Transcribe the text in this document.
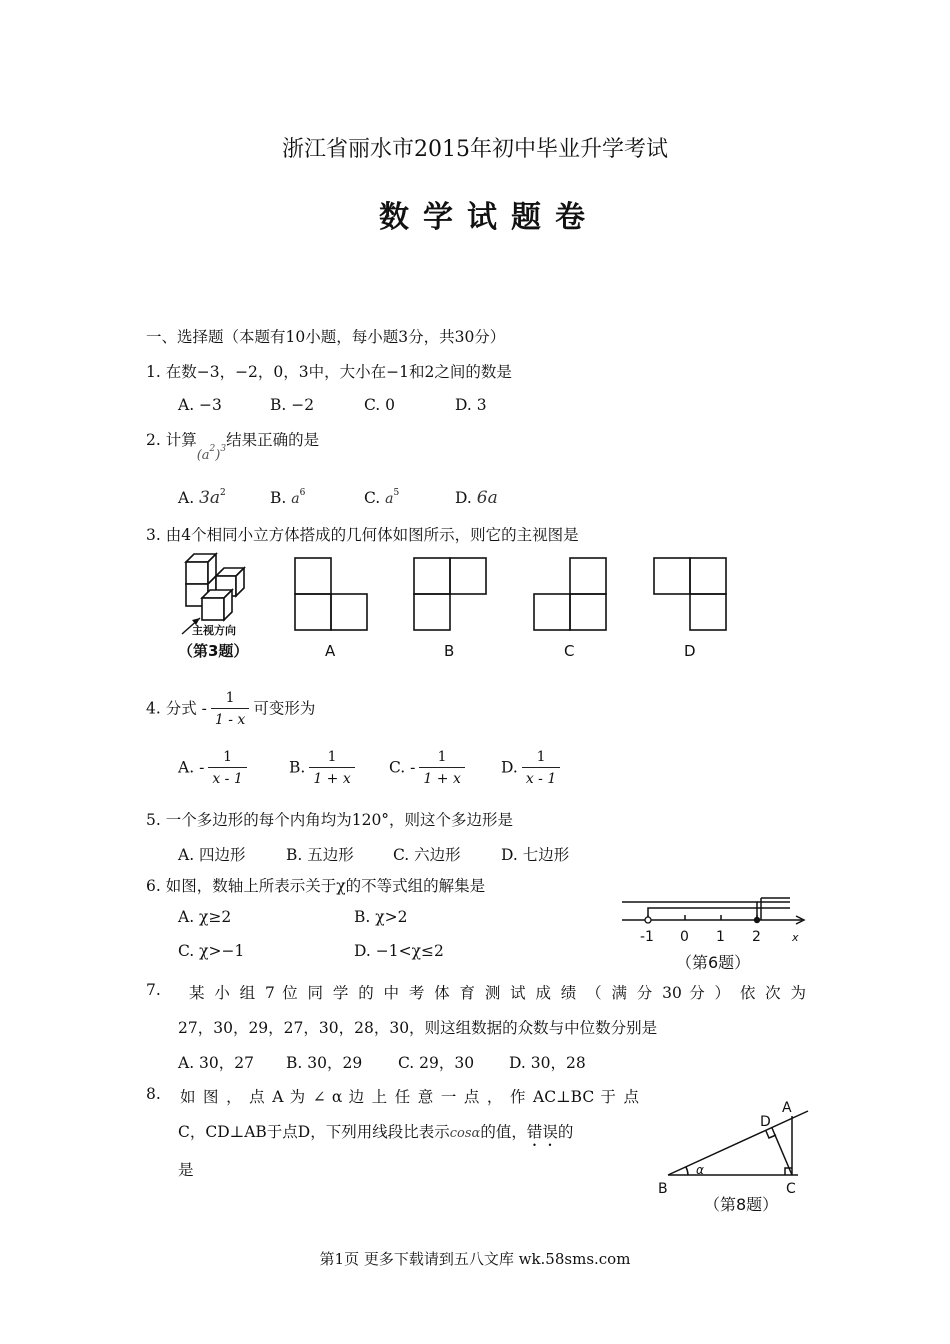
浙江省丽水市2015年初中毕业升学考试
数学试题卷
一、选择题（本题有10小题，每小题3分，共30分）
1. 在数−3，−2，0，3中，大小在−1和2之间的数是
A. −3	B. −2	C. 0	D. 3
2. 计算$_{(a^2)^3}$结果正确的是
A. $3a^2$	B. $a^6$	C. $a^5$	D. 6a
3. 由4个相同小立方体搭成的几何体如图所示，则它的主视图是
主视方向
（第3题）	A	B	C	D
4. 分式 - $\frac{1}{1 - x}$ 可变形为
A. - $\frac{1}{x - 1}$	B. $\frac{1}{1 + x} C$. - $\frac{1}{1 + x} D$. $\frac{1}{x - 1}$
5. 一个多边形的每个内角均为120°，则这个多边形是
A. 四边形	B. 五边形	C. 六边形	D. 七边形
6. 如图，数轴上所表示关于χ的不等式组的解集是
A. χ≥2	B. χ>2
C. χ>−1	D. −1<χ≤2
-1 0 1 2	x
（第6题）
7. 某 小 组 7 位 同 学 的 中 考 体 育 测 试 成 绩 （ 满 分 30 分 ） 依 次 为
27，30，29，27，30，28，30，则这组数据的众数与中位数分别是
A. 30，27 B. 30，29 C. 29，30 D. 30，28
8. 如 图 ， 点 A 为 ∠ α 边 上 任 意 一 点 ， 作 AC⊥BC 于 点
C，CD⊥AB于点D，下列用线段比表示cosα的值，错误的
是	α
A
D
B	C
（第8题）
第1页 更多下载请到五八文库 wk.58sms.com
